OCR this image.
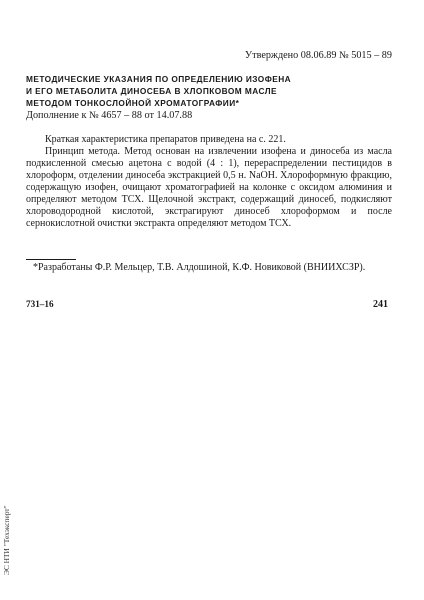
Утверждено 08.06.89 № 5015 – 89
МЕТОДИЧЕСКИЕ УКАЗАНИЯ ПО ОПРЕДЕЛЕНИЮ ИЗОФЕНА
И ЕГО МЕТАБОЛИТА ДИНОСЕБА В ХЛОПКОВОМ МАСЛЕ
МЕТОДОМ ТОНКОСЛОЙНОЙ ХРОМАТОГРАФИИ*
Дополнение к № 4657 – 88 от 14.07.88

Краткая характеристика препаратов приведена на с. 221.

Принцип метода. Метод основан на извлечении изофена и диносеба из масла подкисленной смесью ацетона с водой (4 : 1), перераспределении пестицидов в хлороформ, отделении диносеба экстракцией 0,5 н. NaOH. Хлороформную фракцию, содержащую изофен, очищают хроматографией на колонке с оксидом алюминия и определяют методом ТСХ. Щелочной экстракт, содержащий диносеб, подкисляют хлороводородной кислотой, экстрагируют диносеб хлороформом и после сернокислотной очистки экстракта определяют методом ТСХ.

*Разработаны Ф.Р. Мельцер, Т.В. Алдошиной, К.Ф. Новиковой (ВНИИХСЗР).
731–16	241
ЭС НТИ "Техэксперт"
